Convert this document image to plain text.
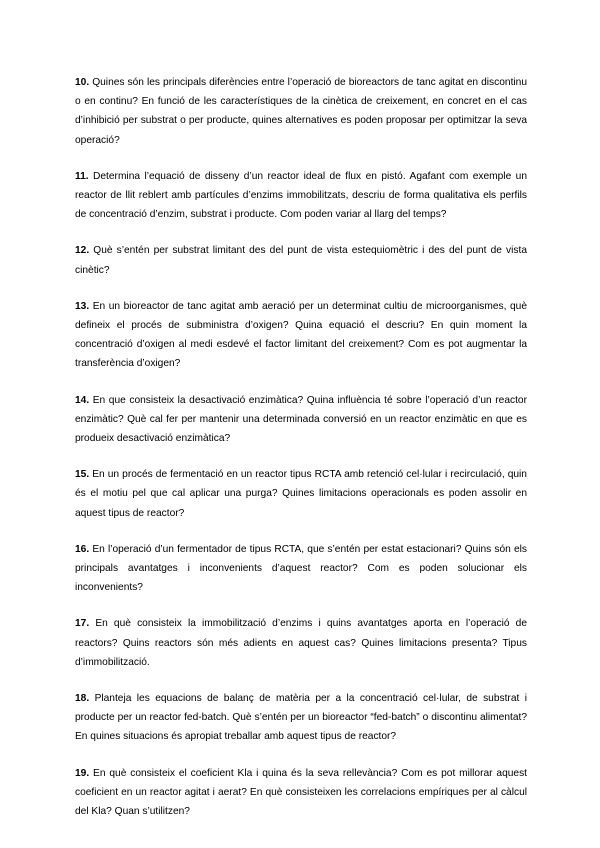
10. Quines són les principals diferències entre l’operació de bioreactors de tanc agitat en discontinu o en continu? En funció de les característiques de la cinètica de creixement, en concret en el cas d’inhibició per substrat o per producte, quines alternatives es poden proposar per optimitzar la seva operació?

11. Determina l’equació de disseny d’un reactor ideal de flux en pistó. Agafant com exemple un reactor de llit reblert amb partícules d’enzims immobilitzats, descriu de forma qualitativa els perfils de concentració d’enzim, substrat i producte. Com poden variar al llarg del temps?

12. Què s’entén per substrat limitant des del punt de vista estequiomètric i des del punt de vista cinètic?

13. En un bioreactor de tanc agitat amb aeració per un determinat cultiu de microorganismes, què defineix el procés de subministra d’oxigen? Quina equació el descriu? En quin moment la concentració d’oxigen al medi esdevé el factor limitant del creixement? Com es pot augmentar la transferència d’oxigen?

14. En que consisteix la desactivació enzimàtica? Quina influència té sobre l’operació d’un reactor enzimàtic? Què cal fer per mantenir una determinada conversió en un reactor enzimàtic en que es produeix desactivació enzimàtica?

15. En un procés de fermentació en un reactor tipus RCTA amb retenció cel·lular i recirculació, quin és el motiu pel que cal aplicar una purga? Quines limitacions operacionals es poden assolir en aquest tipus de reactor?

16. En l’operació d’un fermentador de tipus RCTA, que s’entén per estat estacionari? Quins són els principals avantatges i inconvenients d’aquest reactor? Com es poden solucionar els inconvenients?

17. En què consisteix la immobilització d’enzims i quins avantatges aporta en l’operació de reactors? Quins reactors són més adients en aquest cas? Quines limitacions presenta? Tipus d’immobilització.

18. Planteja les equacions de balanç de matèria per a la concentració cel·lular, de substrat i producte per un reactor fed-batch. Què s’entén per un bioreactor “fed-batch” o discontinu alimentat? En quines situacions és apropiat treballar amb aquest tipus de reactor?

19. En què consisteix el coeficient Kla i quina és la seva rellevància? Com es pot millorar aquest coeficient en un reactor agitat i aerat? En què consisteixen les correlacions empíriques per al càlcul del Kla? Quan s’utilitzen?
